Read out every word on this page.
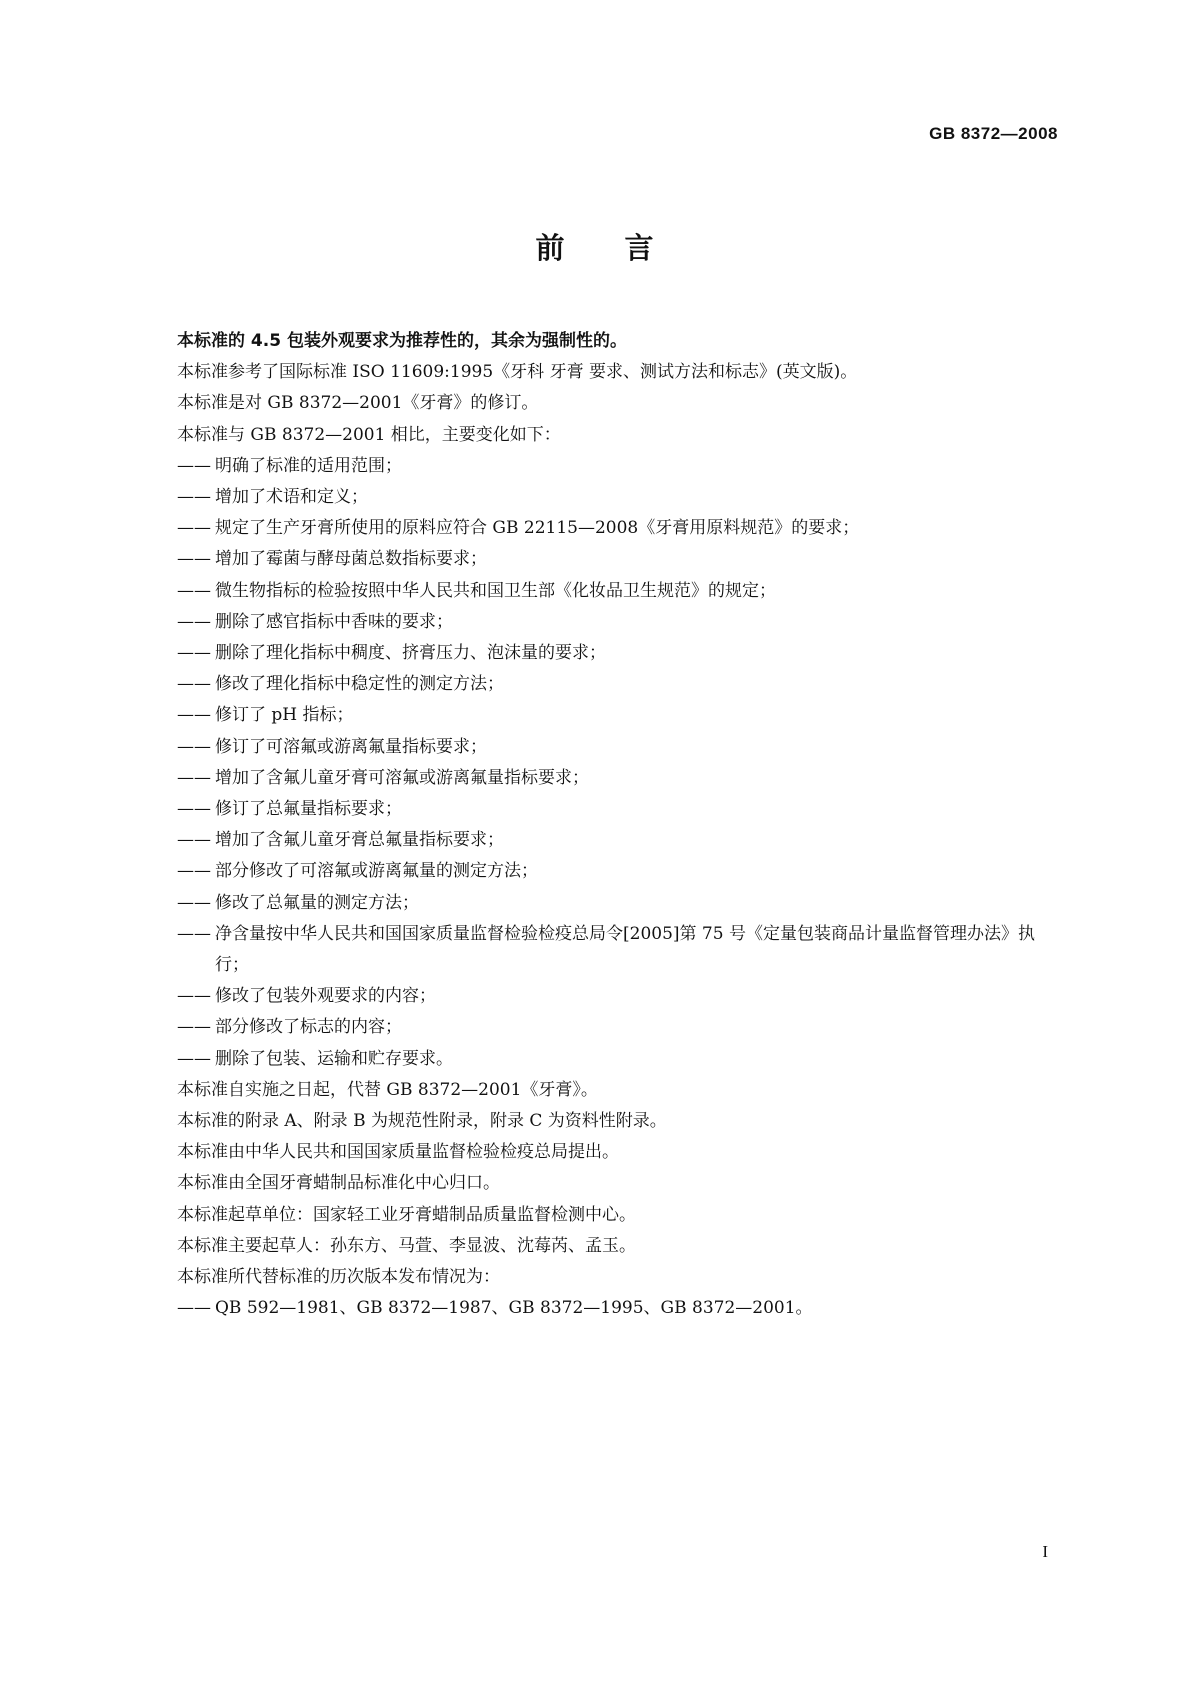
GB 8372—2008
前 言
本标准的 4.5 包装外观要求为推荐性的，其余为强制性的。
本标准参考了国际标准 ISO 11609:1995《牙科 牙膏 要求、测试方法和标志》(英文版)。
本标准是对 GB 8372—2001《牙膏》的修订。
本标准与 GB 8372—2001 相比，主要变化如下：
—— 明确了标准的适用范围；
—— 增加了术语和定义；
—— 规定了生产牙膏所使用的原料应符合 GB 22115—2008《牙膏用原料规范》的要求；
—— 增加了霉菌与酵母菌总数指标要求；
—— 微生物指标的检验按照中华人民共和国卫生部《化妆品卫生规范》的规定；
—— 删除了感官指标中香味的要求；
—— 删除了理化指标中稠度、挤膏压力、泡沫量的要求；
—— 修改了理化指标中稳定性的测定方法；
—— 修订了 pH 指标；
—— 修订了可溶氟或游离氟量指标要求；
—— 增加了含氟儿童牙膏可溶氟或游离氟量指标要求；
—— 修订了总氟量指标要求；
—— 增加了含氟儿童牙膏总氟量指标要求；
—— 部分修改了可溶氟或游离氟量的测定方法；
—— 修改了总氟量的测定方法；
—— 净含量按中华人民共和国国家质量监督检验检疫总局令[2005]第 75 号《定量包装商品计量监督管理办法》执行；
—— 修改了包装外观要求的内容；
—— 部分修改了标志的内容；
—— 删除了包装、运输和贮存要求。
本标准自实施之日起，代替 GB 8372—2001《牙膏》。
本标准的附录 A、附录 B 为规范性附录，附录 C 为资料性附录。
本标准由中华人民共和国国家质量监督检验检疫总局提出。
本标准由全国牙膏蜡制品标准化中心归口。
本标准起草单位：国家轻工业牙膏蜡制品质量监督检测中心。
本标准主要起草人：孙东方、马萱、李显波、沈莓芮、孟玉。
本标准所代替标准的历次版本发布情况为：
—— QB 592—1981、GB 8372—1987、GB 8372—1995、GB 8372—2001。
I
